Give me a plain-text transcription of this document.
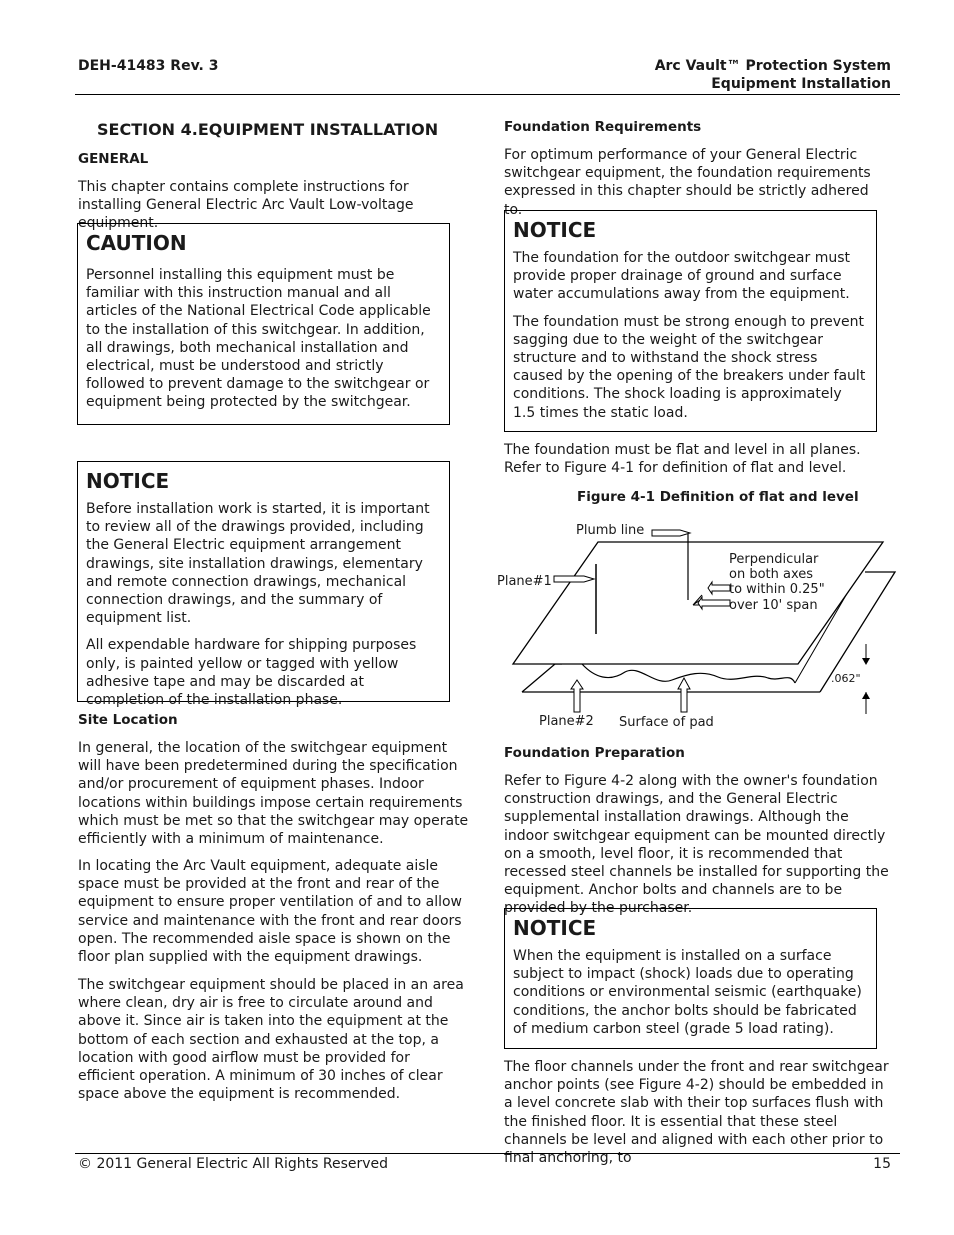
DEH-41483 Rev. 3	Arc Vault™ Protection System
Equipment Installation
SECTION 4.EQUIPMENT INSTALLATION
GENERAL

This chapter contains complete instructions for installing General Electric Arc Vault Low-voltage equipment.

CAUTION

Personnel installing this equipment must be familiar with this instruction manual and all articles of the National Electrical Code applicable to the installation of this switchgear. In addition, all drawings, both mechanical installation and electrical, must be understood and strictly followed to prevent damage to the switchgear or equipment being protected by the switchgear.

NOTICE

Before installation work is started, it is important to review all of the drawings provided, including the General Electric equipment arrangement drawings, site installation drawings, elementary and remote connection drawings, mechanical connection drawings, and the summary of equipment list.

All expendable hardware for shipping purposes only, is painted yellow or tagged with yellow adhesive tape and may be discarded at completion of the installation phase.

Site Location

In general, the location of the switchgear equipment will have been predetermined during the specification and/or procurement of equipment phases. Indoor locations within buildings impose certain requirements which must be met so that the switchgear may operate efficiently with a minimum of maintenance.

In locating the Arc Vault equipment, adequate aisle space must be provided at the front and rear of the equipment to ensure proper ventilation of and to allow service and maintenance with the front and rear doors open. The recommended aisle space is shown on the floor plan supplied with the equipment drawings.

The switchgear equipment should be placed in an area where clean, dry air is free to circulate around and above it. Since air is taken into the equipment at the bottom of each section and exhausted at the top, a location with good airflow must be provided for efficient operation. A minimum of 30 inches of clear space above the equipment is recommended.

Foundation Requirements

For optimum performance of your General Electric switchgear equipment, the foundation requirements expressed in this chapter should be strictly adhered to.

NOTICE

The foundation for the outdoor switchgear must provide proper drainage of ground and surface water accumulations away from the equipment.

The foundation must be strong enough to prevent sagging due to the weight of the switchgear structure and to withstand the shock stress caused by the opening of the breakers under fault conditions. The shock loading is approximately 1.5 times the static load.

The foundation must be flat and level in all planes. Refer to Figure 4-1 for definition of flat and level.

Figure 4-1 Definition of flat and level
Plumb line
Plane#1
Perpendicular
on both axes
to within 0.25"
over 10' span
.062"
Plane#2 Surface of pad
Foundation Preparation

Refer to Figure 4-2 along with the owner's foundation construction drawings, and the General Electric supplemental installation drawings. Although the indoor switchgear equipment can be mounted directly on a smooth, level floor, it is recommended that recessed steel channels be installed for supporting the equipment. Anchor bolts and channels are to be provided by the purchaser.

NOTICE

When the equipment is installed on a surface subject to impact (shock) loads due to operating conditions or environmental seismic (earthquake) conditions, the anchor bolts should be fabricated of medium carbon steel (grade 5 load rating).

The floor channels under the front and rear switchgear anchor points (see Figure 4-2) should be embedded in a level concrete slab with their top surfaces flush with the finished floor. It is essential that these steel channels be level and aligned with each other prior to final anchoring, to

© 2011 General Electric All Rights Reserved	15
